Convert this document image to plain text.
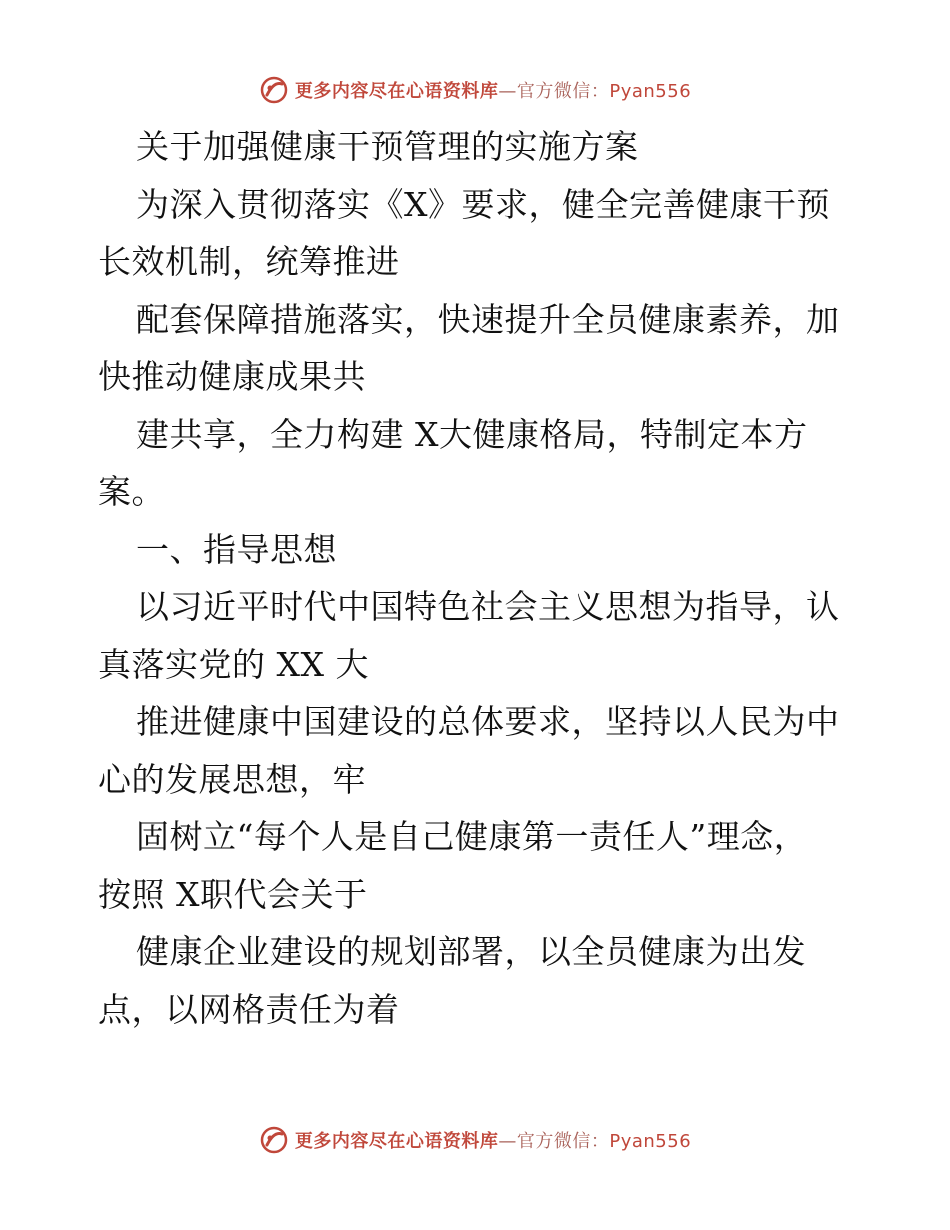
更多内容尽在心语资料库—官方微信：Pyan556
关于加强健康干预管理的实施方案
为深入贯彻落实《X》要求，健全完善健康干预
长效机制，统筹推进
配套保障措施落实，快速提升全员健康素养，加
快推动健康成果共
建共享，全力构建 X大健康格局，特制定本方
案。
一、指导思想
以习近平时代中国特色社会主义思想为指导，认
真落实党的 XX 大
推进健康中国建设的总体要求，坚持以人民为中
心的发展思想，牢
固树立“每个人是自己健康第一责任人”理念，
按照 X职代会关于
健康企业建设的规划部署，以全员健康为出发
点，以网格责任为着
更多内容尽在心语资料库—官方微信：Pyan556
